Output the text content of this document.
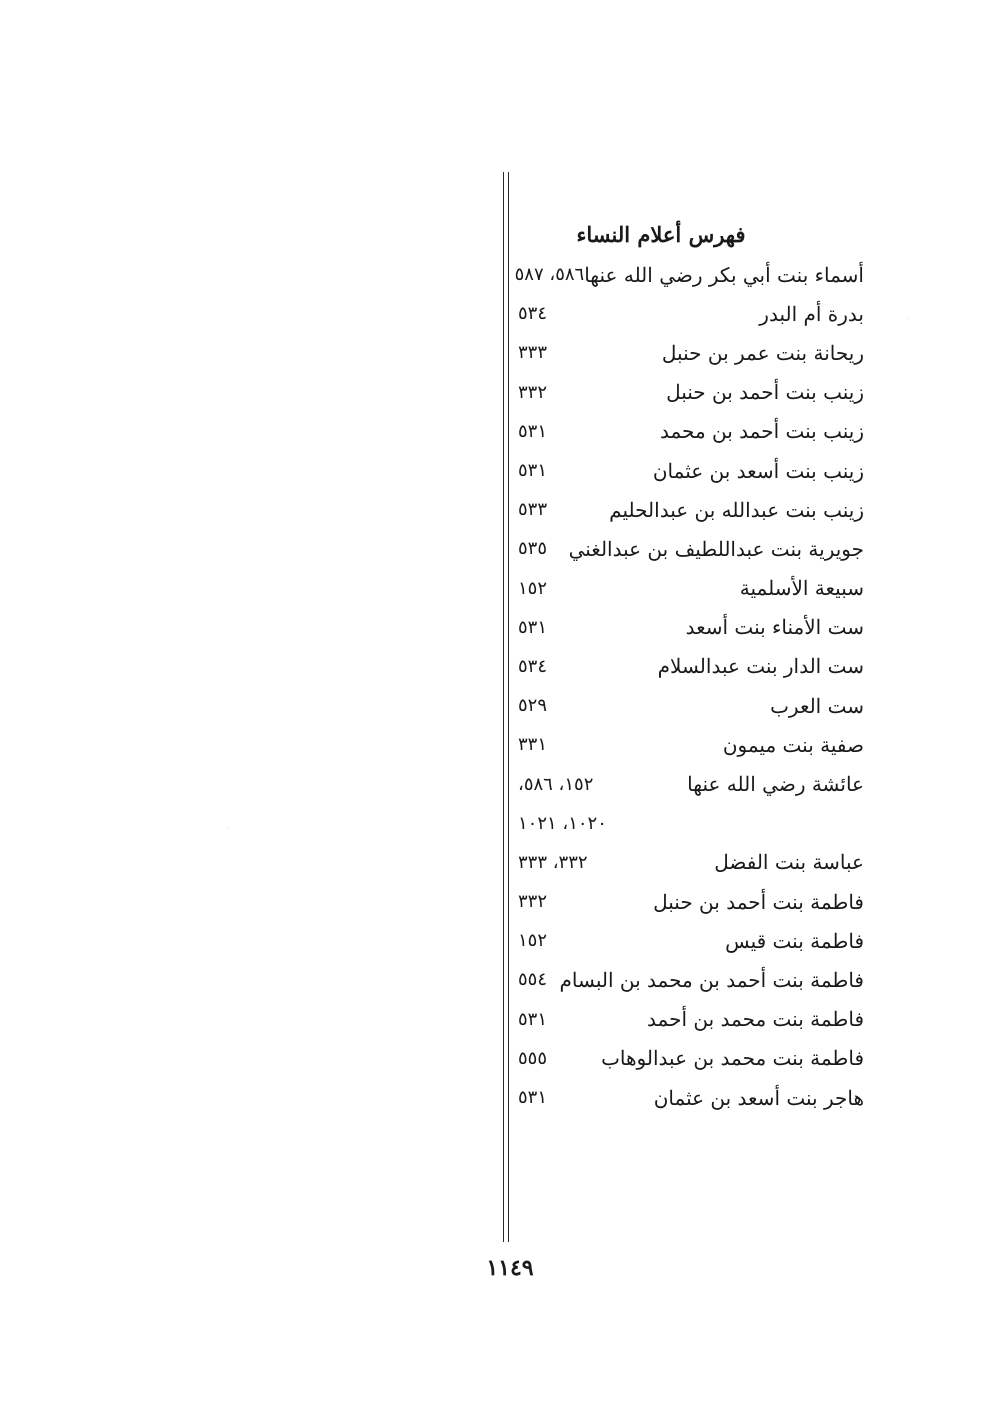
فهرس أعلام النساء
أسماء بنت أبي بكر رضي الله عنها
٥٨٦، ٥٨٧
بدرة أم البدر
٥٣٤
ريحانة بنت عمر بن حنبل
٣٣٣
زينب بنت أحمد بن حنبل
٣٣٢
زينب بنت أحمد بن محمد
٥٣١
زينب بنت أسعد بن عثمان
٥٣١
زينب بنت عبدالله بن عبدالحليم
٥٣٣
جويرية بنت عبداللطيف بن عبدالغني
٥٣٥
سبيعة الأسلمية
١٥٢
ست الأمناء بنت أسعد
٥٣١
ست الدار بنت عبدالسلام
٥٣٤
ست العرب
٥٢٩
صفية بنت ميمون
٣٣١
عائشة رضي الله عنها
١٥٢، ٥٨٦،
١٠٢٠، ١٠٢١
عباسة بنت الفضل
٣٣٢، ٣٣٣
فاطمة بنت أحمد بن حنبل
٣٣٢
فاطمة بنت قيس
١٥٢
فاطمة بنت أحمد بن محمد بن البسام
٥٥٤
فاطمة بنت محمد بن أحمد
٥٣١
فاطمة بنت محمد بن عبدالوهاب
٥٥٥
هاجر بنت أسعد بن عثمان
٥٣١
١١٤٩
